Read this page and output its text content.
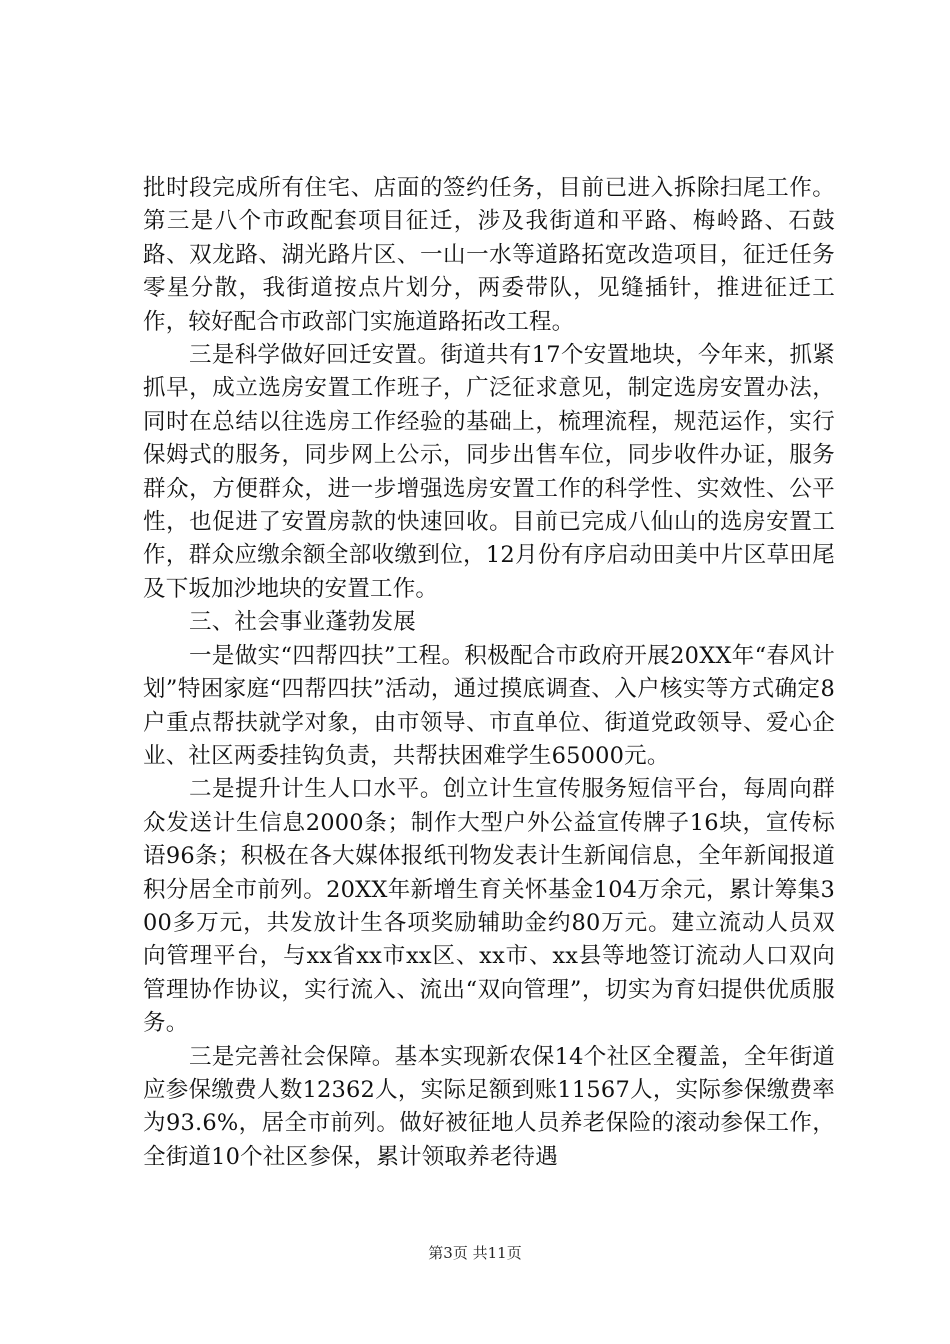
批时段完成所有住宅、店面的签约任务，目前已进入拆除扫尾工作。第三是八个市政配套项目征迁，涉及我街道和平路、梅岭路、石鼓路、双龙路、湖光路片区、一山一水等道路拓宽改造项目，征迁任务零星分散，我街道按点片划分，两委带队，见缝插针，推进征迁工作，较好配合市政部门实施道路拓改工程。

三是科学做好回迁安置。街道共有17个安置地块，今年来，抓紧抓早，成立选房安置工作班子，广泛征求意见，制定选房安置办法，同时在总结以往选房工作经验的基础上，梳理流程，规范运作，实行保姆式的服务，同步网上公示，同步出售车位，同步收件办证，服务群众，方便群众，进一步增强选房安置工作的科学性、实效性、公平性，也促进了安置房款的快速回收。目前已完成八仙山的选房安置工作，群众应缴余额全部收缴到位，12月份有序启动田美中片区草田尾及下坂加沙地块的安置工作。

三、社会事业蓬勃发展

一是做实“四帮四扶”工程。积极配合市政府开展20XX年“春风计划”特困家庭“四帮四扶”活动，通过摸底调查、入户核实等方式确定8户重点帮扶就学对象，由市领导、市直单位、街道党政领导、爱心企业、社区两委挂钩负责，共帮扶困难学生65000元。

二是提升计生人口水平。创立计生宣传服务短信平台，每周向群众发送计生信息2000条；制作大型户外公益宣传牌子16块，宣传标语96条；积极在各大媒体报纸刊物发表计生新闻信息，全年新闻报道积分居全市前列。20XX年新增生育关怀基金104万余元，累计筹集300多万元，共发放计生各项奖励辅助金约80万元。建立流动人员双向管理平台，与xx省xx市xx区、xx市、xx县等地签订流动人口双向管理协作协议，实行流入、流出“双向管理”，切实为育妇提供优质服务。

三是完善社会保障。基本实现新农保14个社区全覆盖，全年街道应参保缴费人数12362人，实际足额到账11567人，实际参保缴费率为93.6%，居全市前列。做好被征地人员养老保险的滚动参保工作，全街道10个社区参保，累计领取养老待遇

第3页 共11页
